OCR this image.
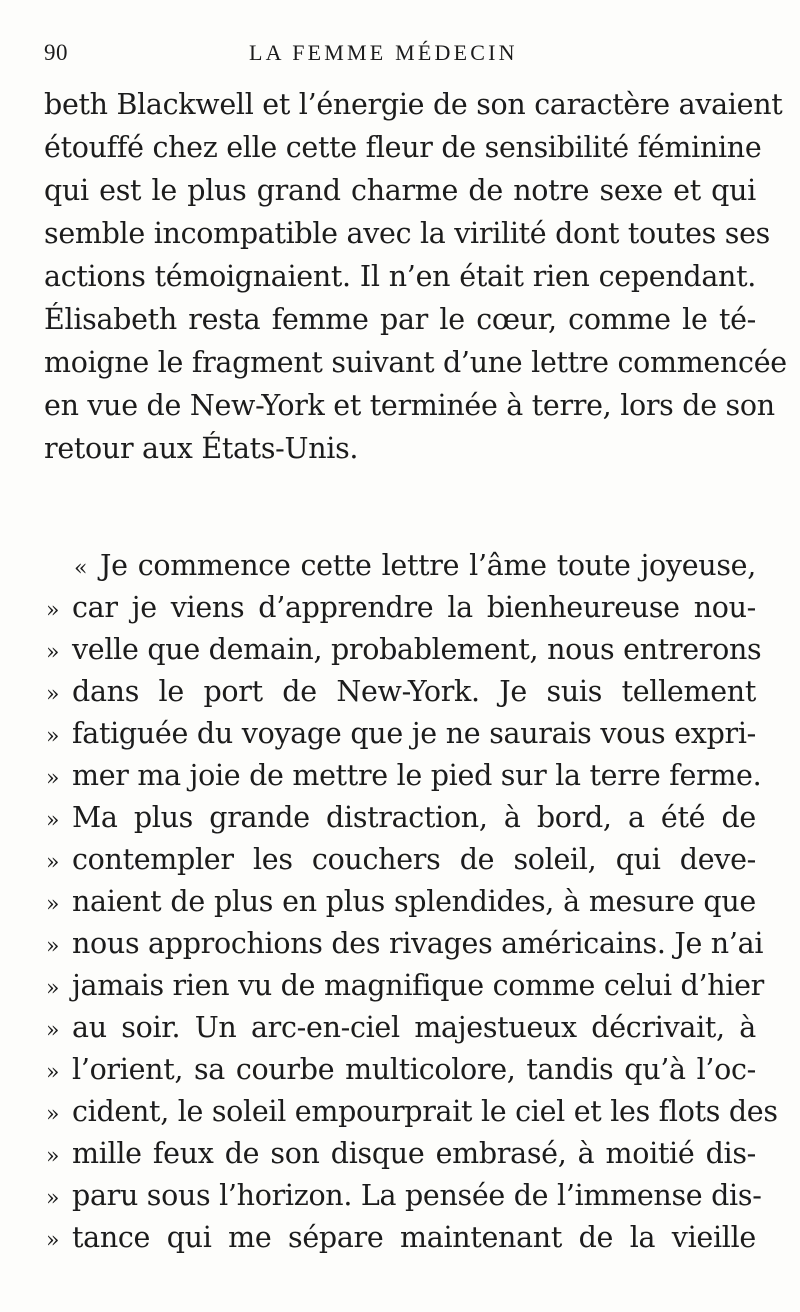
90	LA FEMME MÉDECIN
beth Blackwell et l’énergie de son caractère avaient
étouffé chez elle cette fleur de sensibilité féminine
qui est le plus grand charme de notre sexe et qui
semble incompatible avec la virilité dont toutes ses
actions témoignaient. Il n’en était rien cependant.
Élisabeth resta femme par le cœur, comme le té-
moigne le fragment suivant d’une lettre commencée
en vue de New-York et terminée à terre, lors de son
retour aux États-Unis.
« Je commence cette lettre l’âme toute joyeuse,
» car je viens d’apprendre la bienheureuse nou-
» velle que demain, probablement, nous entrerons
» dans le port de New-York. Je suis tellement
» fatiguée du voyage que je ne saurais vous expri-
» mer ma joie de mettre le pied sur la terre ferme.
» Ma plus grande distraction, à bord, a été de
» contempler les couchers de soleil, qui deve-
» naient de plus en plus splendides, à mesure que
» nous approchions des rivages américains. Je n’ai
» jamais rien vu de magnifique comme celui d’hier
» au soir. Un arc-en-ciel majestueux décrivait, à
» l’orient, sa courbe multicolore, tandis qu’à l’oc-
» cident, le soleil empourprait le ciel et les flots des
» mille feux de son disque embrasé, à moitié dis-
» paru sous l’horizon. La pensée de l’immense dis-
» tance qui me sépare maintenant de la vieille
